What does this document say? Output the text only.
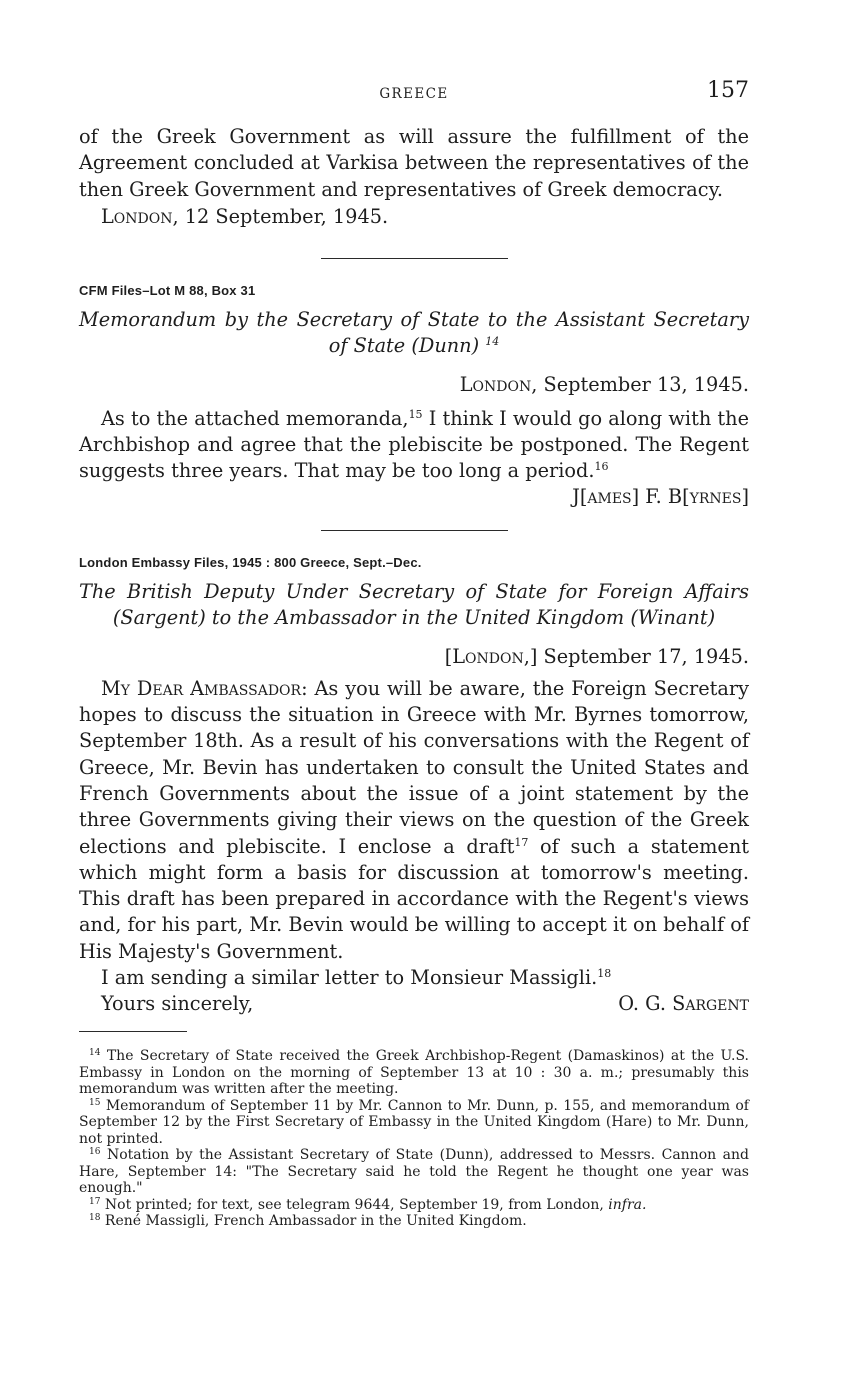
GREECE	157

of the Greek Government as will assure the fulfillment of the Agreement concluded at Varkisa between the representatives of the then Greek Government and representatives of Greek democracy.

London, 12 September, 1945.
CFM Files–Lot M 88, Box 31
Memorandum by the Secretary of State to the Assistant Secretary
of State (Dunn) $^{14}$
London, September 13, 1945.

As to the attached memoranda,$^{15}$ I think I would go along with the Archbishop and agree that the plebiscite be postponed. The Regent suggests three years. That may be too long a period.$^{16}$

J[ames] F. B[yrnes]
London Embassy Files, 1945 : 800 Greece, Sept.–Dec.
The British Deputy Under Secretary of State for Foreign Affairs
(Sargent) to the Ambassador in the United Kingdom (Winant)
[London,] September 17, 1945.

My Dear Ambassador: As you will be aware, the Foreign Secretary hopes to discuss the situation in Greece with Mr. Byrnes tomorrow, September 18th. As a result of his conversations with the Regent of Greece, Mr. Bevin has undertaken to consult the United States and French Governments about the issue of a joint statement by the three Governments giving their views on the question of the Greek elections and plebiscite. I enclose a draft$^{17}$ of such a statement which might form a basis for discussion at tomorrow's meeting. This draft has been prepared in accordance with the Regent's views and, for his part, Mr. Bevin would be willing to accept it on behalf of His Majesty's Government.

I am sending a similar letter to Monsieur Massigli.$^{18}$

Yours sincerely,	O. G. Sargent

$^{14}$ The Secretary of State received the Greek Archbishop-Regent (Damaskinos) at the U.S. Embassy in London on the morning of September 13 at 10 : 30 a. m.; presumably this memorandum was written after the meeting.

$^{15}$ Memorandum of September 11 by Mr. Cannon to Mr. Dunn, p. 155, and memorandum of September 12 by the First Secretary of Embassy in the United Kingdom (Hare) to Mr. Dunn, not printed.

$^{16}$ Notation by the Assistant Secretary of State (Dunn), addressed to Messrs. Cannon and Hare, September 14: "The Secretary said he told the Regent he thought one year was enough."

$^{17}$ Not printed; for text, see telegram 9644, September 19, from London, infra.

$^{18}$ René Massigli, French Ambassador in the United Kingdom.
